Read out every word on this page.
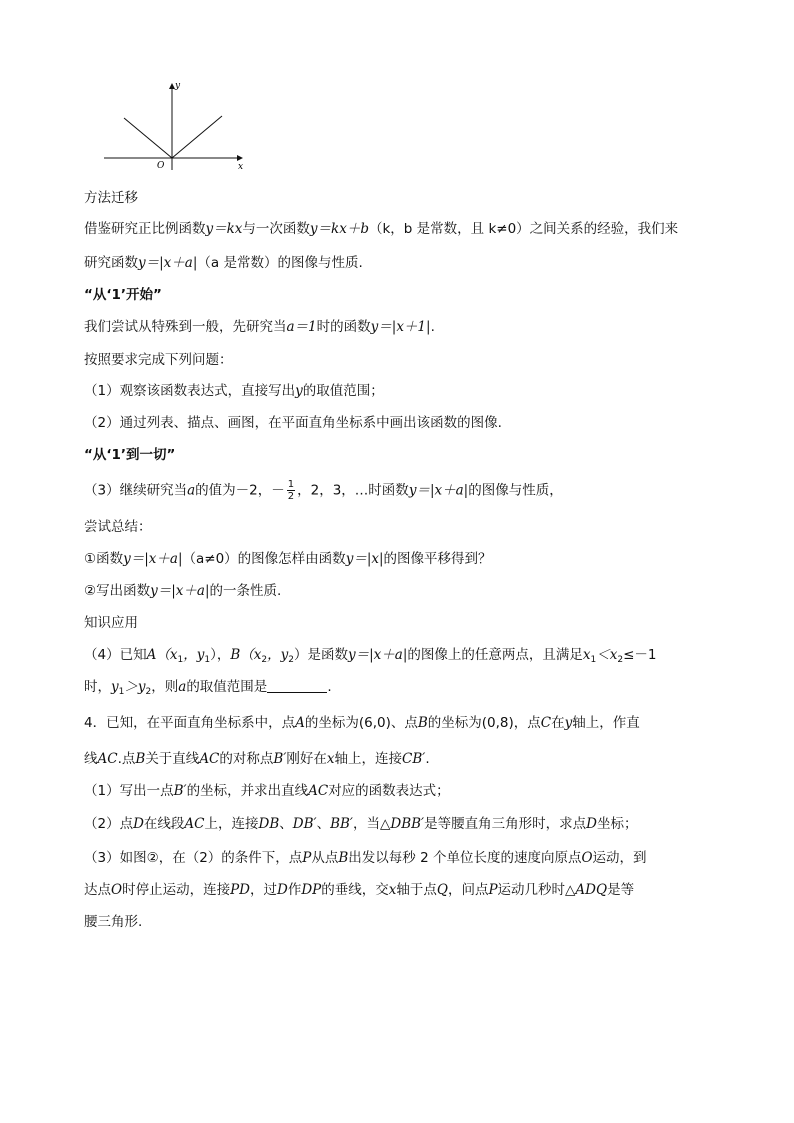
y
x
O
方法迁移
借鉴研究正比例函数y＝kx与一次函数y＝kx＋b（k，b 是常数，且 k≠0）之间关系的经验，我们来
研究函数y＝|x＋a|（a 是常数）的图像与性质.
“从‘1’开始”
我们尝试从特殊到一般，先研究当a＝1时的函数y＝|x＋1|.
按照要求完成下列问题：
（1）观察该函数表达式，直接写出y的取值范围；
（2）通过列表、描点、画图，在平面直角坐标系中画出该函数的图像.
“从‘1’到一切”
（3）继续研究当a的值为－2，－ $\frac{1}{2}$ ，2，3，…时函数y＝|x＋a|的图像与性质，
尝试总结：
①函数y＝|x＋a|（a≠0）的图像怎样由函数y＝|x|的图像平移得到？
②写出函数y＝|x＋a|的一条性质.
知识应用
（4）已知$A(x_1$，$y_1$），$B(x_2$，$y_2$）是函数y＝|x＋a|的图像上的任意两点，且满足$x_1<x_2\le-1$
时，$y_1>y_2$，则a的取值范围是	.
4．已知，在平面直角坐标系中，点A的坐标为(6,0)、点B的坐标为(0,8)，点C在y轴上，作直
线AC.点B关于直线AC的对称点B′刚好在x轴上，连接CB′.
（1）写出一点B′的坐标，并求出直线AC对应的函数表达式；
（2）点D在线段AC上，连接DB、DB′、BB′，当△DBB′是等腰直角三角形时，求点D坐标；
（3）如图②，在（2）的条件下，点P从点B出发以每秒 2 个单位长度的速度向原点O运动，到
达点O时停止运动，连接PD，过D作DP的垂线，交x轴于点Q，问点P运动几秒时△ADQ是等
腰三角形.
